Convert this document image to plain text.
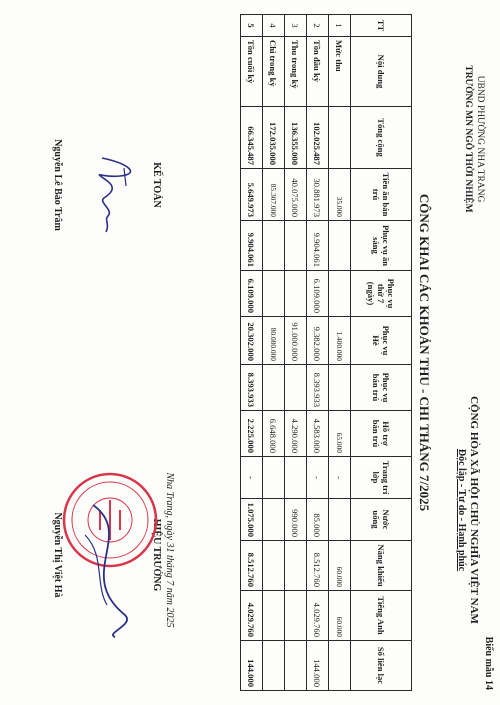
UBND PHƯỜNG NHA TRANG
TRƯỜNG MN NGÔ THỜI NHIỆM
Biểu mẫu 14
CỘNG HÒA XÃ HỘI CHỦ NGHĨA VIỆT NAM
Độc lập - Tự do - Hạnh phúc
CÔNG KHAI CÁC KHOẢN THU - CHI THÁNG 7/2025
TT	Nội dung	Tổng cộng	Tiền ăn bán trú	Phục vụ ăn sáng	Phục vụ thứ 7 (ngày)	Phục vụ Hè	Phục vụ bán trú	Hỗ trợ bán trú	Trang trí lớp	Nước uống	Năng khiếu	Tiếng Anh	Sổ liên lạc
1	Mức thu		35.000			1.400.000		65.000	-		60.000	60.000	
2	Tồn đầu kỳ	102.025.487	30.881.973	9.904.061	6.109.000	9.382.000	8.393.933	4.583.000	-	85.000	8.512.760	4.029.760	144.000
3	Thu trong kỳ	136.355.000	40.075.000			91.000.000		4.290.000		990.000			
4	Chi trong kỳ	172.035.000	85.307.000			80.080.000		6.648.000					
5	Tồn cuối kỳ	66.345.487	5.649.973	9.904.061	6.109.000	20.302.000	8.393.933	2.225.000	-	1.075.000	8.512.760	4.029.760	144.000
Nha Trang, ngày 31 tháng 7 năm 2025
KẾ TOÁN
Nguyễn Lê Bảo Trâm
HIỆU TRƯỞNG
Nguyễn Thị Việt Hà
